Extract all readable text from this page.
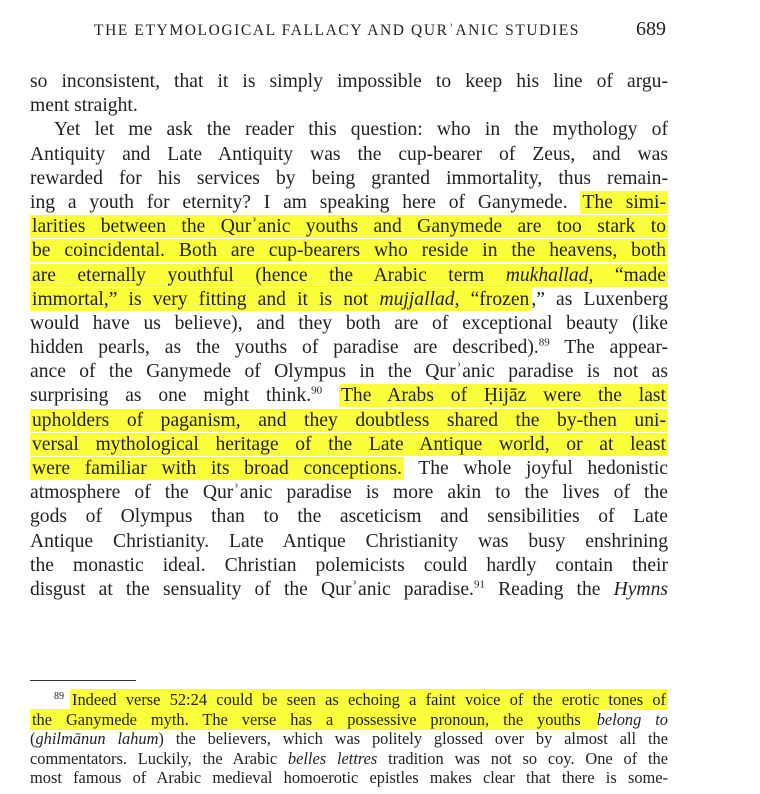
THE ETYMOLOGICAL FALLACY AND QURʾANIC STUDIES	689
so inconsistent, that it is simply impossible to keep his line of argu-
ment straight.
Yet let me ask the reader this question: who in the mythology of
Antiquity and Late Antiquity was the cup-bearer of Zeus, and was
rewarded for his services by being granted immortality, thus remain-
ing a youth for eternity? I am speaking here of Ganymede. The simi-
larities between the Qurʾanic youths and Ganymede are too stark to
be coincidental. Both are cup-bearers who reside in the heavens, both
are eternally youthful (hence the Arabic term mukhallad, “made
immortal,” is very fitting and it is not mujjallad, “frozen ,” as Luxenberg
would have us believe), and they both are of exceptional beauty (like
hidden pearls, as the youths of paradise are described).$^{89}$ The appear-
ance of the Ganymede of Olympus in the Qurʾanic paradise is not as
surprising as one might think.$^{90}$ The Arabs of Ḥijāz were the last
upholders of paganism, and they doubtless shared the by-then uni-
versal mythological heritage of the Late Antique world, or at least
were familiar with its broad conceptions. The whole joyful hedonistic
atmosphere of the Qurʾanic paradise is more akin to the lives of the
gods of Olympus than to the asceticism and sensibilities of Late
Antique Christianity. Late Antique Christianity was busy enshrining
the monastic ideal. Christian polemicists could hardly contain their
disgust at the sensuality of the Qurʾanic paradise.$^{91}$ Reading the Hymns
$^{89}$ Indeed verse 52:24 could be seen as echoing a faint voice of the erotic tones of
the Ganymede myth. The verse has a possessive pronoun, the youths belong to
(ghilmānun lahum) the believers, which was politely glossed over by almost all the
commentators. Luckily, the Arabic belles lettres tradition was not so coy. One of the
most famous of Arabic medieval homoerotic epistles makes clear that there is some-
